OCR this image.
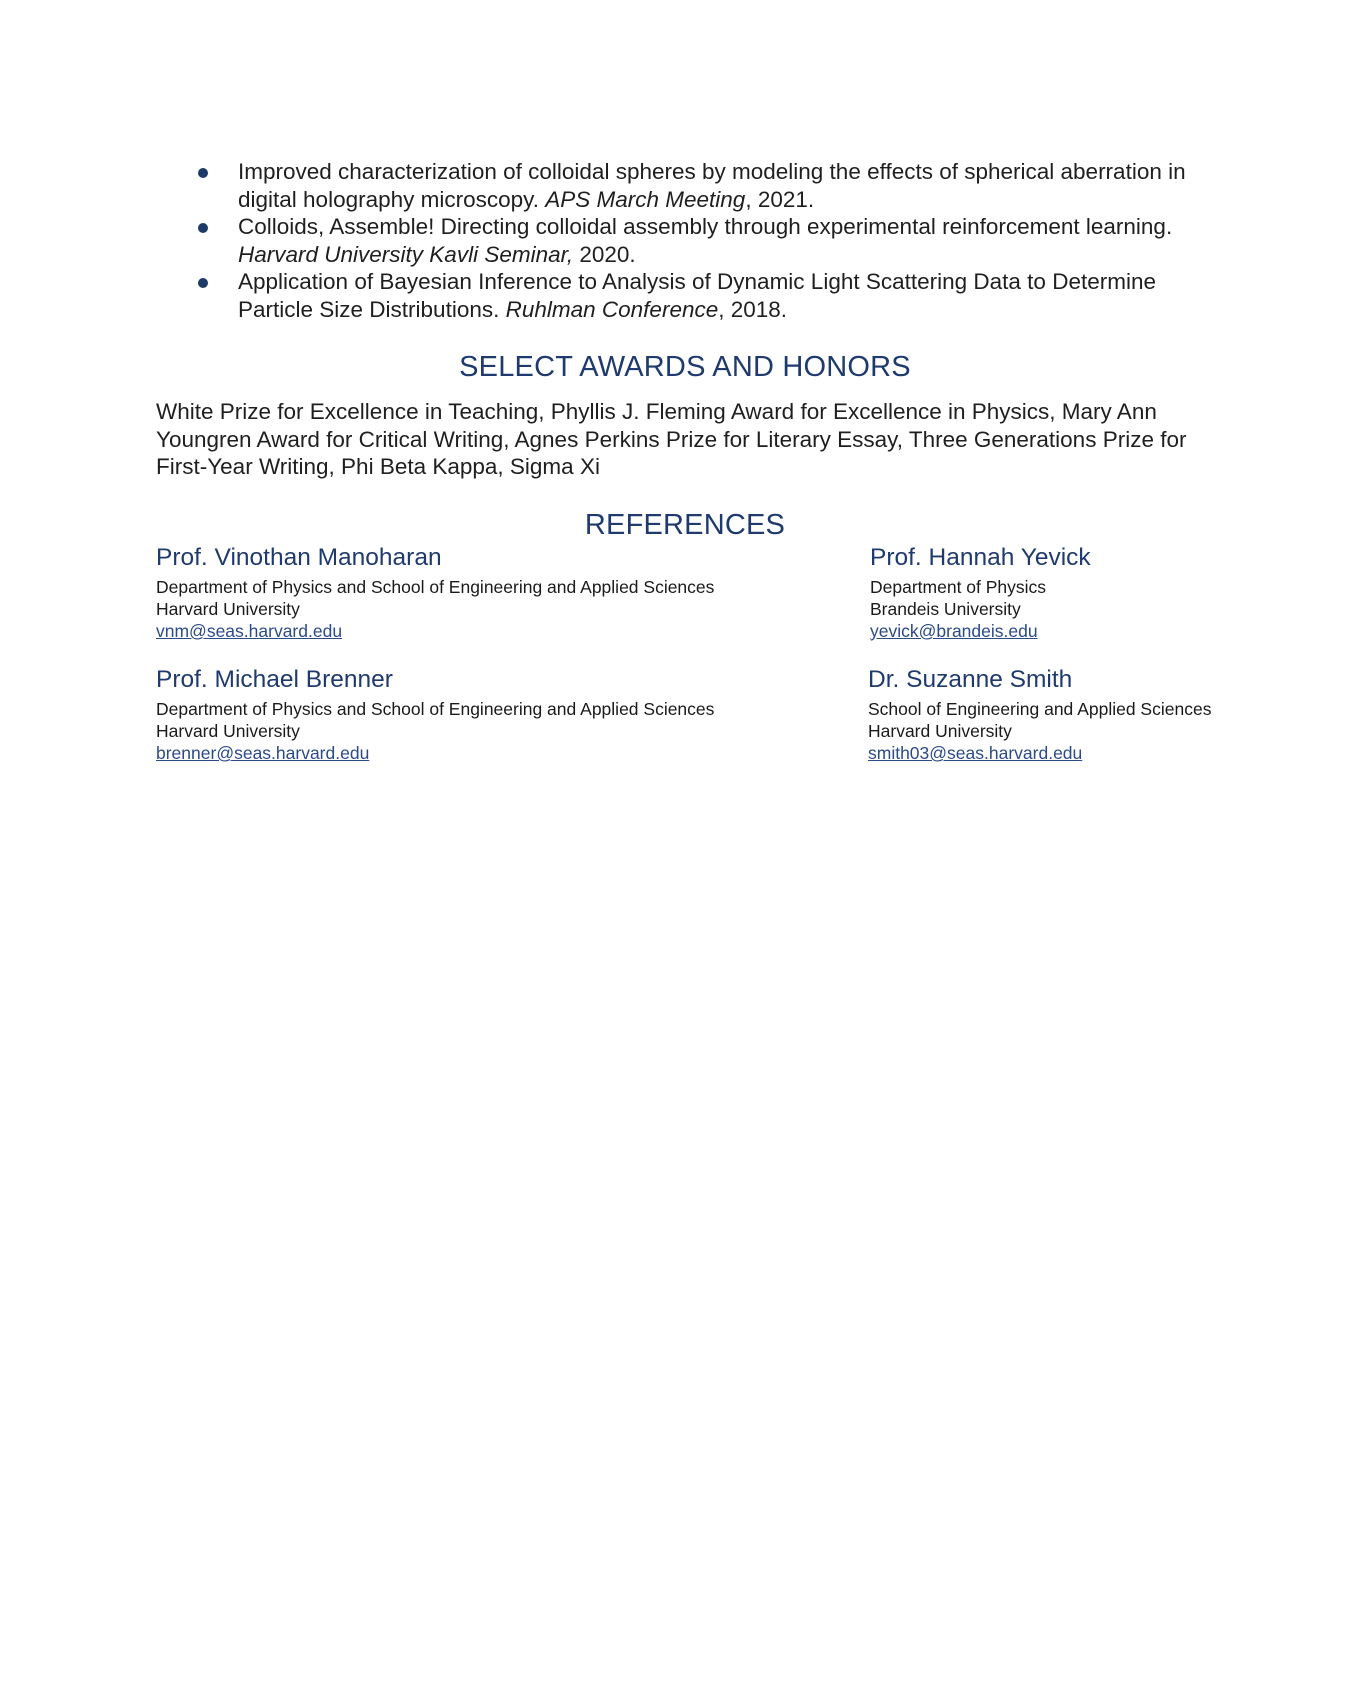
Improved characterization of colloidal spheres by modeling the effects of spherical aberration in digital holography microscopy. APS March Meeting, 2021.
Colloids, Assemble! Directing colloidal assembly through experimental reinforcement learning. Harvard University Kavli Seminar, 2020.
Application of Bayesian Inference to Analysis of Dynamic Light Scattering Data to Determine Particle Size Distributions. Ruhlman Conference, 2018.
SELECT AWARDS AND HONORS

White Prize for Excellence in Teaching, Phyllis J. Fleming Award for Excellence in Physics, Mary Ann Youngren Award for Critical Writing, Agnes Perkins Prize for Literary Essay, Three Generations Prize for First-Year Writing, Phi Beta Kappa, Sigma Xi

REFERENCES

Prof. Vinothan Manoharan

Department of Physics and School of Engineering and Applied Sciences

Harvard University

vnm@seas.harvard.edu

Prof. Hannah Yevick

Department of Physics

Brandeis University

yevick@brandeis.edu

Prof. Michael Brenner

Department of Physics and School of Engineering and Applied Sciences

Harvard University

brenner@seas.harvard.edu

Dr. Suzanne Smith

School of Engineering and Applied Sciences

Harvard University

smith03@seas.harvard.edu
